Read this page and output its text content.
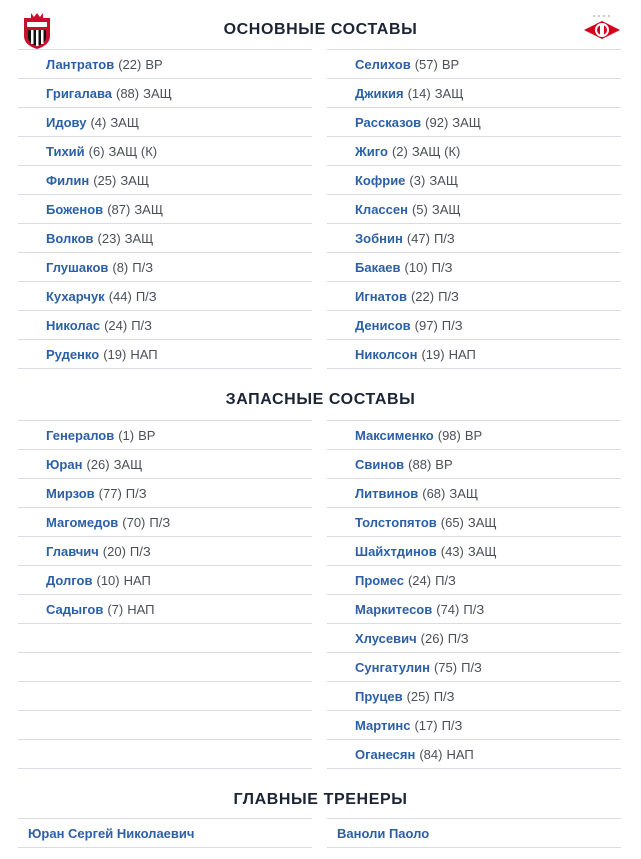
ОСНОВНЫЕ СОСТАВЫ
Лантратов (22) ВР
Григалава (88) ЗАЩ
Идову (4) ЗАЩ
Тихий (6) ЗАЩ (К)
Филин (25) ЗАЩ
Боженов (87) ЗАЩ
Волков (23) ЗАЩ
Глушаков (8) П/З
Кухарчук (44) П/З
Николас (24) П/З
Руденко (19) НАП
Селихов (57) ВР
Джикия (14) ЗАЩ
Рассказов (92) ЗАЩ
Жиго (2) ЗАЩ (К)
Кофрие (3) ЗАЩ
Классен (5) ЗАЩ
Зобнин (47) П/З
Бакаев (10) П/З
Игнатов (22) П/З
Денисов (97) П/З
Николсон (19) НАП
ЗАПАСНЫЕ СОСТАВЫ
Генералов (1) ВР
Юран (26) ЗАЩ
Мирзов (77) П/З
Магомедов (70) П/З
Главчич (20) П/З
Долгов (10) НАП
Садыгов (7) НАП
Максименко (98) ВР
Свинов (88) ВР
Литвинов (68) ЗАЩ
Толстопятов (65) ЗАЩ
Шайхтдинов (43) ЗАЩ
Промес (24) П/З
Маркитесов (74) П/З
Хлусевич (26) П/З
Сунгатулин (75) П/З
Пруцев (25) П/З
Мартинс (17) П/З
Оганесян (84) НАП
ГЛАВНЫЕ ТРЕНЕРЫ
Юран Сергей Николаевич	Ваноли Паоло
